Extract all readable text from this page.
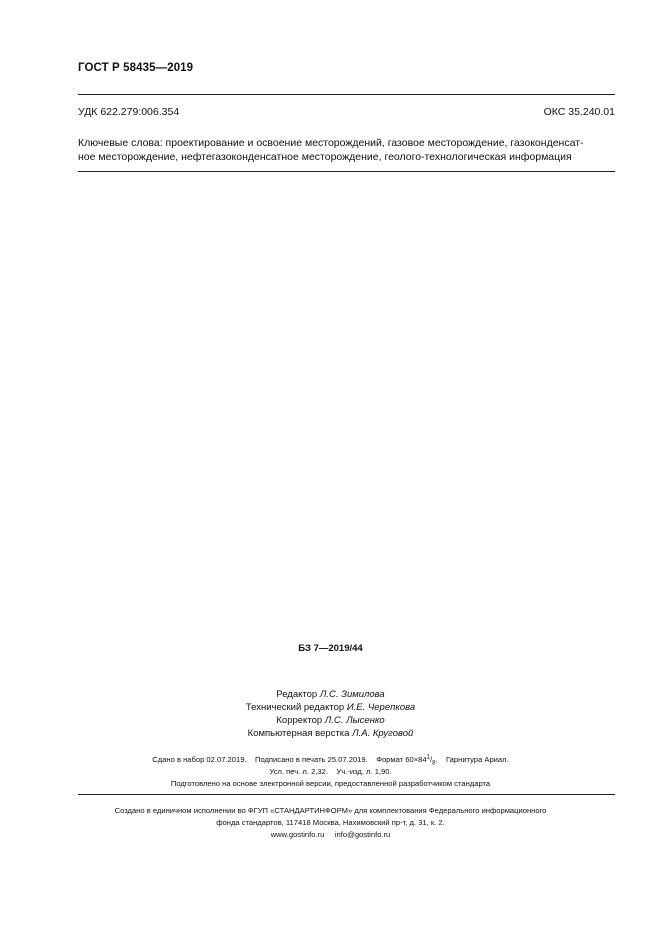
ГОСТ Р 58435—2019
УДК 622.279:006.354	ОКС 35.240.01
Ключевые слова: проектирование и освоение месторождений, газовое месторождение, газоконденсат-
ное месторождение, нефтегазоконденсатное месторождение, геолого-технологическая информация
БЗ 7—2019/44
Редактор Л.С. Зимилова
Технический редактор И.Е. Черепкова
Корректор Л.С. Лысенко
Компьютерная верстка Л.А. Круговой
Сдано в набор 02.07.2019. Подписано в печать 25.07.2019. Формат $60\times 84^1/_8$. Гарнитура Ариал.
Усл. печ. л. 2,32. Уч.-изд. л. 1,90.
Подготовлено на основе электронной версии, предоставленной разработчиком стандарта
Создано в единичном исполнении во ФГУП «СТАНДАРТИНФОРМ» для комплектования Федерального информационного
фонда стандартов, 117418 Москва, Нахимовский пр-т, д. 31, к. 2.
www.gostinfo.ru info@gostinfo.ru
